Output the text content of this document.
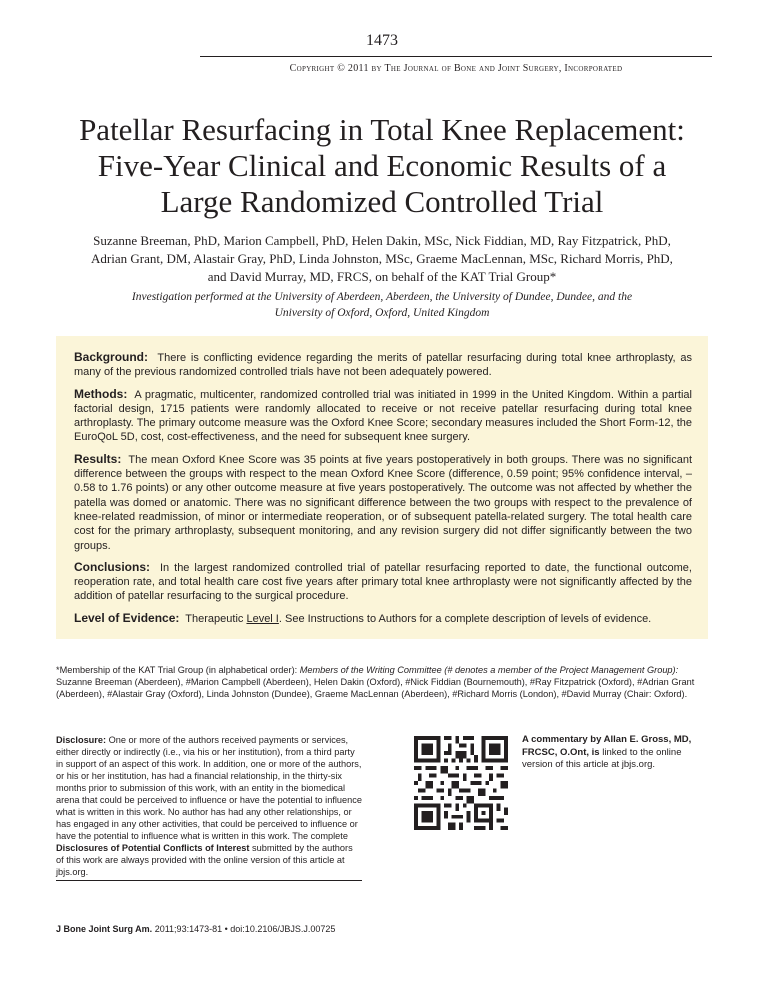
1473
Copyright © 2011 by The Journal of Bone and Joint Surgery, Incorporated
Patellar Resurfacing in Total Knee Replacement: Five-Year Clinical and Economic Results of a Large Randomized Controlled Trial

Suzanne Breeman, PhD, Marion Campbell, PhD, Helen Dakin, MSc, Nick Fiddian, MD, Ray Fitzpatrick, PhD, Adrian Grant, DM, Alastair Gray, PhD, Linda Johnston, MSc, Graeme MacLennan, MSc, Richard Morris, PhD, and David Murray, MD, FRCS, on behalf of the KAT Trial Group*

Investigation performed at the University of Aberdeen, Aberdeen, the University of Dundee, Dundee, and the University of Oxford, Oxford, United Kingdom

Background: There is conflicting evidence regarding the merits of patellar resurfacing during total knee arthroplasty, as many of the previous randomized controlled trials have not been adequately powered.

Methods: A pragmatic, multicenter, randomized controlled trial was initiated in 1999 in the United Kingdom. Within a partial factorial design, 1715 patients were randomly allocated to receive or not receive patellar resurfacing during total knee arthroplasty. The primary outcome measure was the Oxford Knee Score; secondary measures included the Short Form-12, the EuroQoL 5D, cost, cost-effectiveness, and the need for subsequent knee surgery.

Results: The mean Oxford Knee Score was 35 points at five years postoperatively in both groups. There was no significant difference between the groups with respect to the mean Oxford Knee Score (difference, 0.59 point; 95% confidence interval, –0.58 to 1.76 points) or any other outcome measure at five years postoperatively. The outcome was not affected by whether the patella was domed or anatomic. There was no significant difference between the two groups with respect to the prevalence of knee-related readmission, of minor or intermediate reoperation, or of subsequent patella-related surgery. The total health care cost for the primary arthroplasty, subsequent monitoring, and any revision surgery did not differ significantly between the two groups.

Conclusions: In the largest randomized controlled trial of patellar resurfacing reported to date, the functional outcome, reoperation rate, and total health care cost five years after primary total knee arthroplasty were not significantly affected by the addition of patellar resurfacing to the surgical procedure.

Level of Evidence: Therapeutic Level I. See Instructions to Authors for a complete description of levels of evidence.

*Membership of the KAT Trial Group (in alphabetical order): Members of the Writing Committee (# denotes a member of the Project Management Group): Suzanne Breeman (Aberdeen), #Marion Campbell (Aberdeen), Helen Dakin (Oxford), #Nick Fiddian (Bournemouth), #Ray Fitzpatrick (Oxford), #Adrian Grant (Aberdeen), #Alastair Gray (Oxford), Linda Johnston (Dundee), Graeme MacLennan (Aberdeen), #Richard Morris (London), #David Murray (Chair: Oxford).

Disclosure: One or more of the authors received payments or services, either directly or indirectly (i.e., via his or her institution), from a third party in support of an aspect of this work. In addition, one or more of the authors, or his or her institution, has had a financial relationship, in the thirty-six months prior to submission of this work, with an entity in the biomedical arena that could be perceived to influence or have the potential to influence what is written in this work. No author has had any other relationships, or has engaged in any other activities, that could be perceived to influence or have the potential to influence what is written in this work. The complete Disclosures of Potential Conflicts of Interest submitted by the authors of this work are always provided with the online version of this article at jbjs.org.

A commentary by Allan E. Gross, MD, FRCSC, O.Ont, is linked to the online version of this article at jbjs.org.

J Bone Joint Surg Am. 2011;93:1473-81 • doi:10.2106/JBJS.J.00725
